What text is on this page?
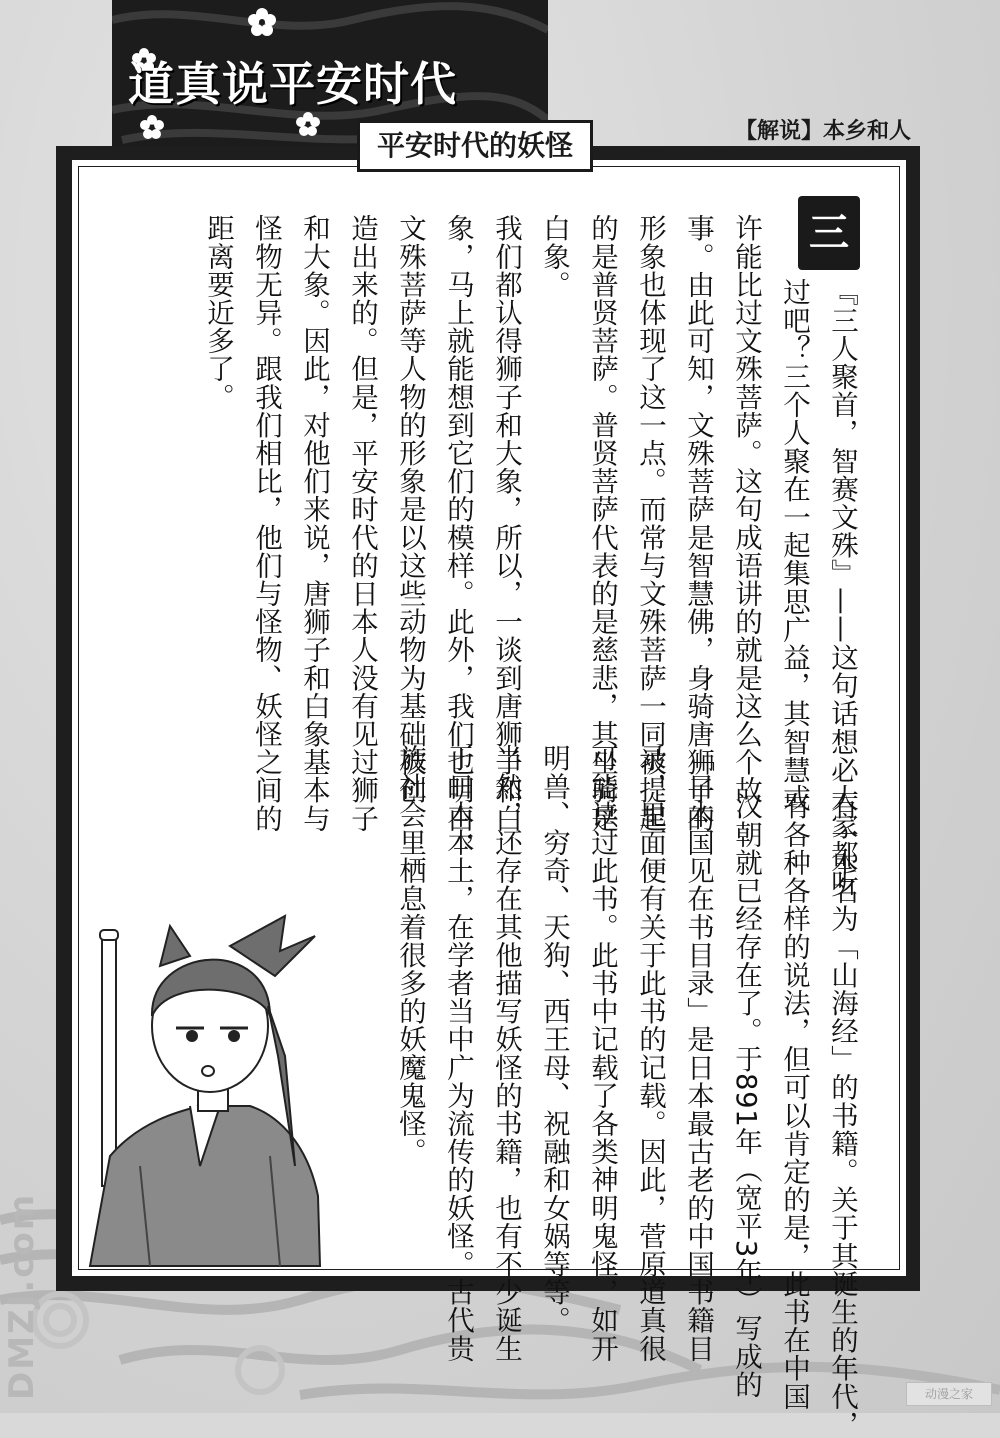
道真说平安时代
【解说】本乡和人
平安时代的妖怪
三
『三人聚首，智赛文殊』——这句话想必大家都听
过吧？三个人聚在一起集思广益，其智慧或
许能比过文殊菩萨。这句成语讲的就是这么个故
事。由此可知，文殊菩萨是智慧佛，身骑唐狮子的
形象也体现了这一点。而常与文殊菩萨一同被提起
的是普贤菩萨。普贤菩萨代表的是慈悲，其坐骑是
白象。
我们都认得狮子和大象，所以，一谈到唐狮子和白
象，马上就能想到它们的模样。此外，我们也明白，
文殊菩萨等人物的形象是以这些动物为基础被创
造出来的。但是，平安时代的日本人没有见过狮子
和大象。因此，对他们来说，唐狮子和白象基本与
怪物无异。跟我们相比，他们与怪物、妖怪之间的
距离要近多了。
有一本名为「山海经」的书籍。关于其诞生的年代，
有各种各样的说法，但可以肯定的是，此书在中国
汉朝就已经存在了。于891年（宽平3年）写成的
「日本国见在书目录」是日本最古老的中国书籍目
录，里面便有关于此书的记载。因此，菅原道真很
可能读过此书。此书中记载了各类神明鬼怪，如开
明兽、穷奇、天狗、西王母、祝融和女娲等等。
当然，还存在其他描写妖怪的书籍，也有不少诞生
于日本本土，在学者当中广为流传的妖怪。古代贵
族社会里栖息着很多的妖魔鬼怪。
DMZJ.com	动漫之家
